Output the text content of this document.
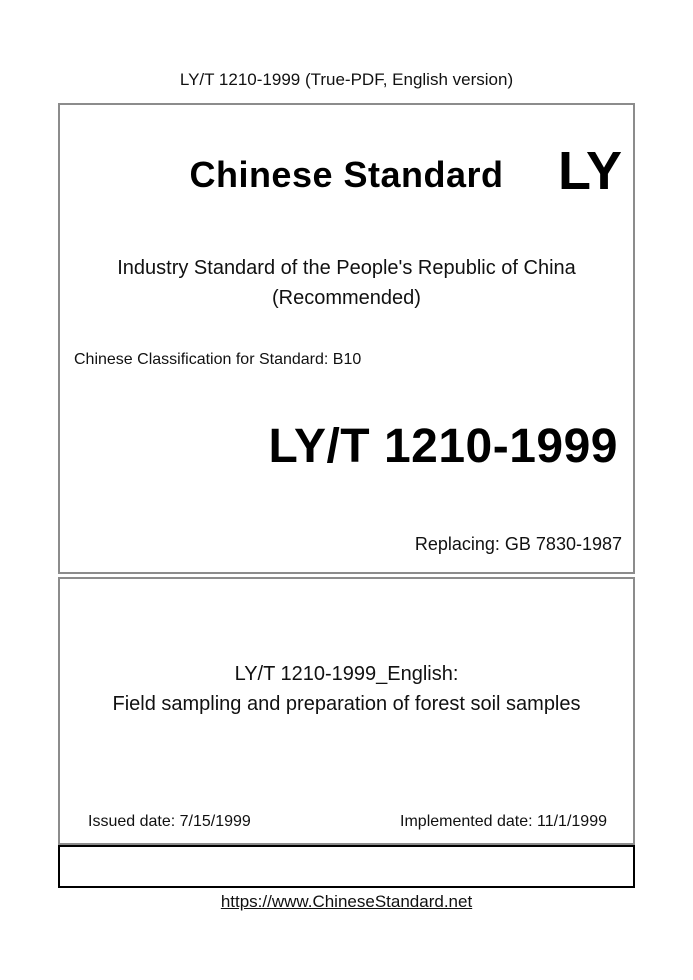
LY/T 1210-1999 (True-PDF, English version)
Chinese Standard	LY
Industry Standard of the People's Republic of China
(Recommended)
Chinese Classification for Standard: B10
LY/T 1210-1999
Replacing: GB 7830-1987
LY/T 1210-1999_English:
Field sampling and preparation of forest soil samples
Issued date: 7/15/1999	Implemented date: 11/1/1999
https://www.ChineseStandard.net
